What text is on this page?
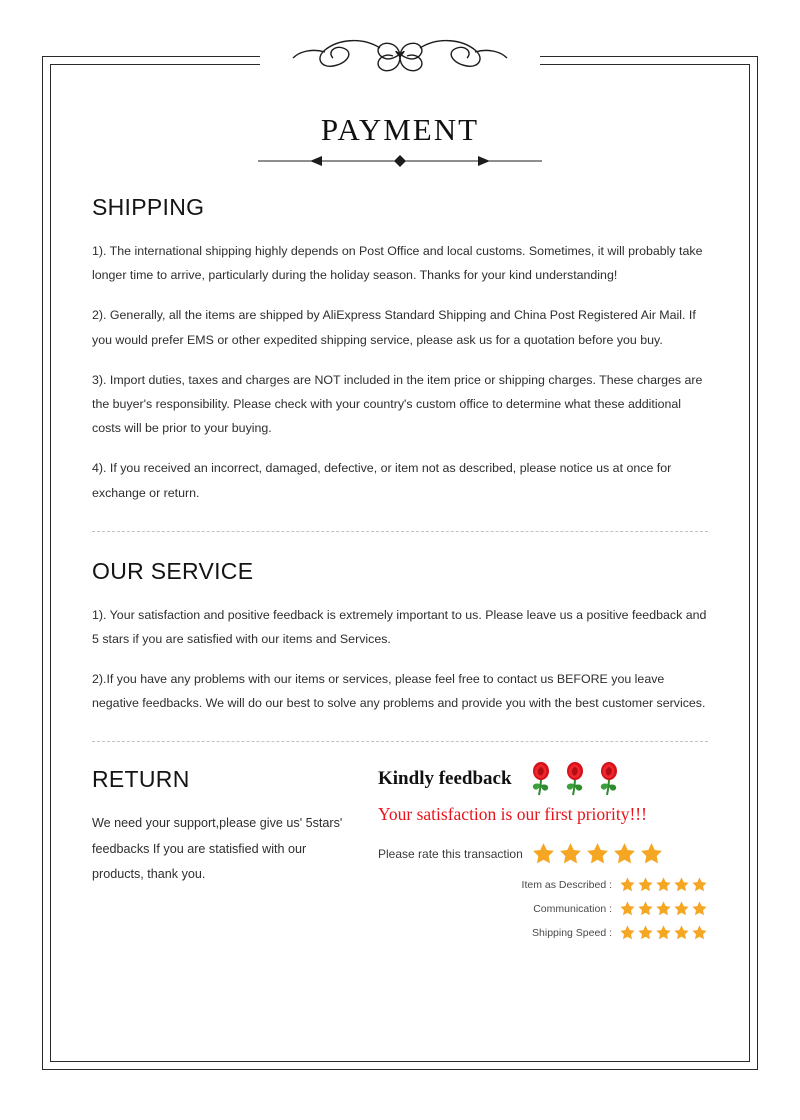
PAYMENT
SHIPPING

1). The international shipping highly depends on Post Office and local customs. Sometimes, it will probably take longer time to arrive, particularly during the holiday season. Thanks for your kind understanding!

2). Generally, all the items are shipped by AliExpress Standard Shipping and China Post Registered Air Mail. If you would prefer EMS or other expedited shipping service, please ask us for a quotation before you buy.

3). Import duties, taxes and charges are NOT included in the item price or shipping charges. These charges are the buyer's responsibility. Please check with your country's custom office to determine what these additional costs will be prior to your buying.

4). If you received an incorrect, damaged, defective, or item not as described, please notice us at once for exchange or return.

OUR SERVICE

1). Your satisfaction and positive feedback is extremely important to us. Please leave us a positive feedback and 5 stars if you are satisfied with our items and Services.

2).If you have any problems with our items or services, please feel free to contact us BEFORE you leave negative feedbacks. We will do our best to solve any problems and provide you with the best customer services.

RETURN

We need your support,please give us' 5stars' feedbacks If you are statisfied with our products, thank you.

Kindly feedback
Your satisfaction is our first priority!!!
Please rate this transaction
Item as Described :
Communication :
Shipping Speed :
